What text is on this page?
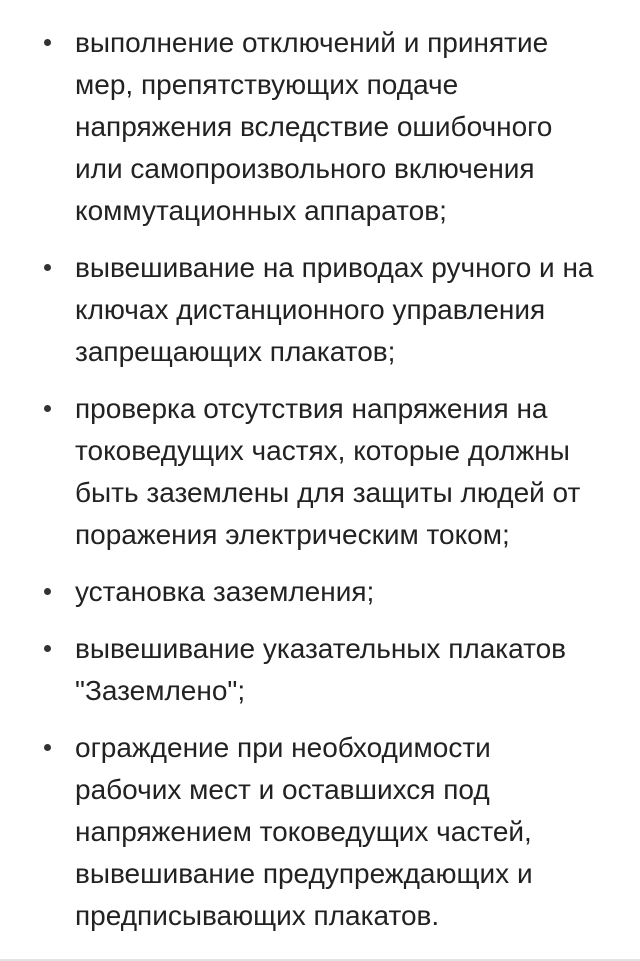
выполнение отключений и принятие
мер, препятствующих подаче
напряжения вследствие ошибочного
или самопроизвольного включения
коммутационных аппаратов;
вывешивание на приводах ручного и на
ключах дистанционного управления
запрещающих плакатов;
проверка отсутствия напряжения на
токоведущих частях, которые должны
быть заземлены для защиты людей от
поражения электрическим током;
установка заземления;
вывешивание указательных плакатов
"Заземлено";
ограждение при необходимости
рабочих мест и оставшихся под
напряжением токоведущих частей,
вывешивание предупреждающих и
предписывающих плакатов.
